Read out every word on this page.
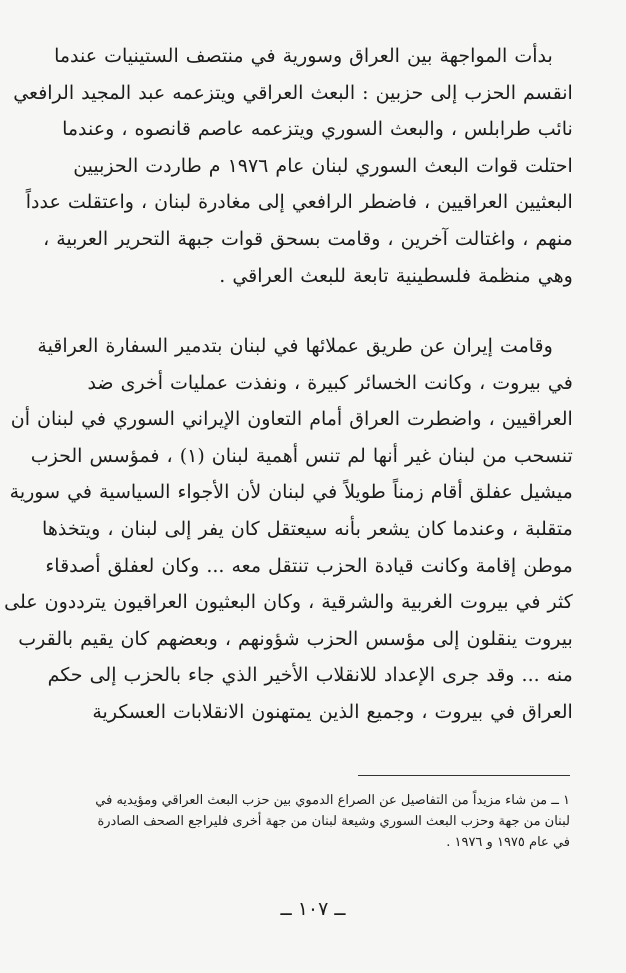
بدأت المواجهة بين العراق وسورية في منتصف الستينيات عندما
انقسم الحزب إلى حزبين : البعث العراقي ويتزعمه عبد المجيد الرافعي
نائب طرابلس ، والبعث السوري ويتزعمه عاصم قانصوه ، وعندما
احتلت قوات البعث السوري لبنان عام ١٩٧٦ م طاردت الحزبيين
البعثيين العراقيين ، فاضطر الرافعي إلى مغادرة لبنان ، واعتقلت عدداً
منهم ، واغتالت آخرين ، وقامت بسحق قوات جبهة التحرير العربية ،
وهي منظمة فلسطينية تابعة للبعث العراقي .
وقامت إيران عن طريق عملائها في لبنان بتدمير السفارة العراقية
في بيروت ، وكانت الخسائر كبيرة ، ونفذت عمليات أخرى ضد
العراقيين ، واضطرت العراق أمام التعاون الإيراني السوري في لبنان أن
تنسحب من لبنان غير أنها لم تنس أهمية لبنان (١) ، فمؤسس الحزب
ميشيل عفلق أقام زمناً طويلاً في لبنان لأن الأجواء السياسية في سورية
متقلبة ، وعندما كان يشعر بأنه سيعتقل كان يفر إلى لبنان ، ويتخذها
موطن إقامة وكانت قيادة الحزب تنتقل معه ... وكان لعفلق أصدقاء
كثر في بيروت الغربية والشرقية ، وكان البعثيون العراقيون يترددون على
بيروت ينقلون إلى مؤسس الحزب شؤونهم ، وبعضهم كان يقيم بالقرب
منه ... وقد جرى الإعداد للانقلاب الأخير الذي جاء بالحزب إلى حكم
العراق في بيروت ، وجميع الذين يمتهنون الانقلابات العسكرية
١ ــ من شاء مزيداً من التفاصيل عن الصراع الدموي بين حزب البعث العراقي ومؤيديه في
لبنان من جهة وحزب البعث السوري وشيعة لبنان من جهة أخرى فليراجع الصحف الصادرة
في عام ١٩٧٥ و ١٩٧٦ .
ــ ١٠٧ ــ
